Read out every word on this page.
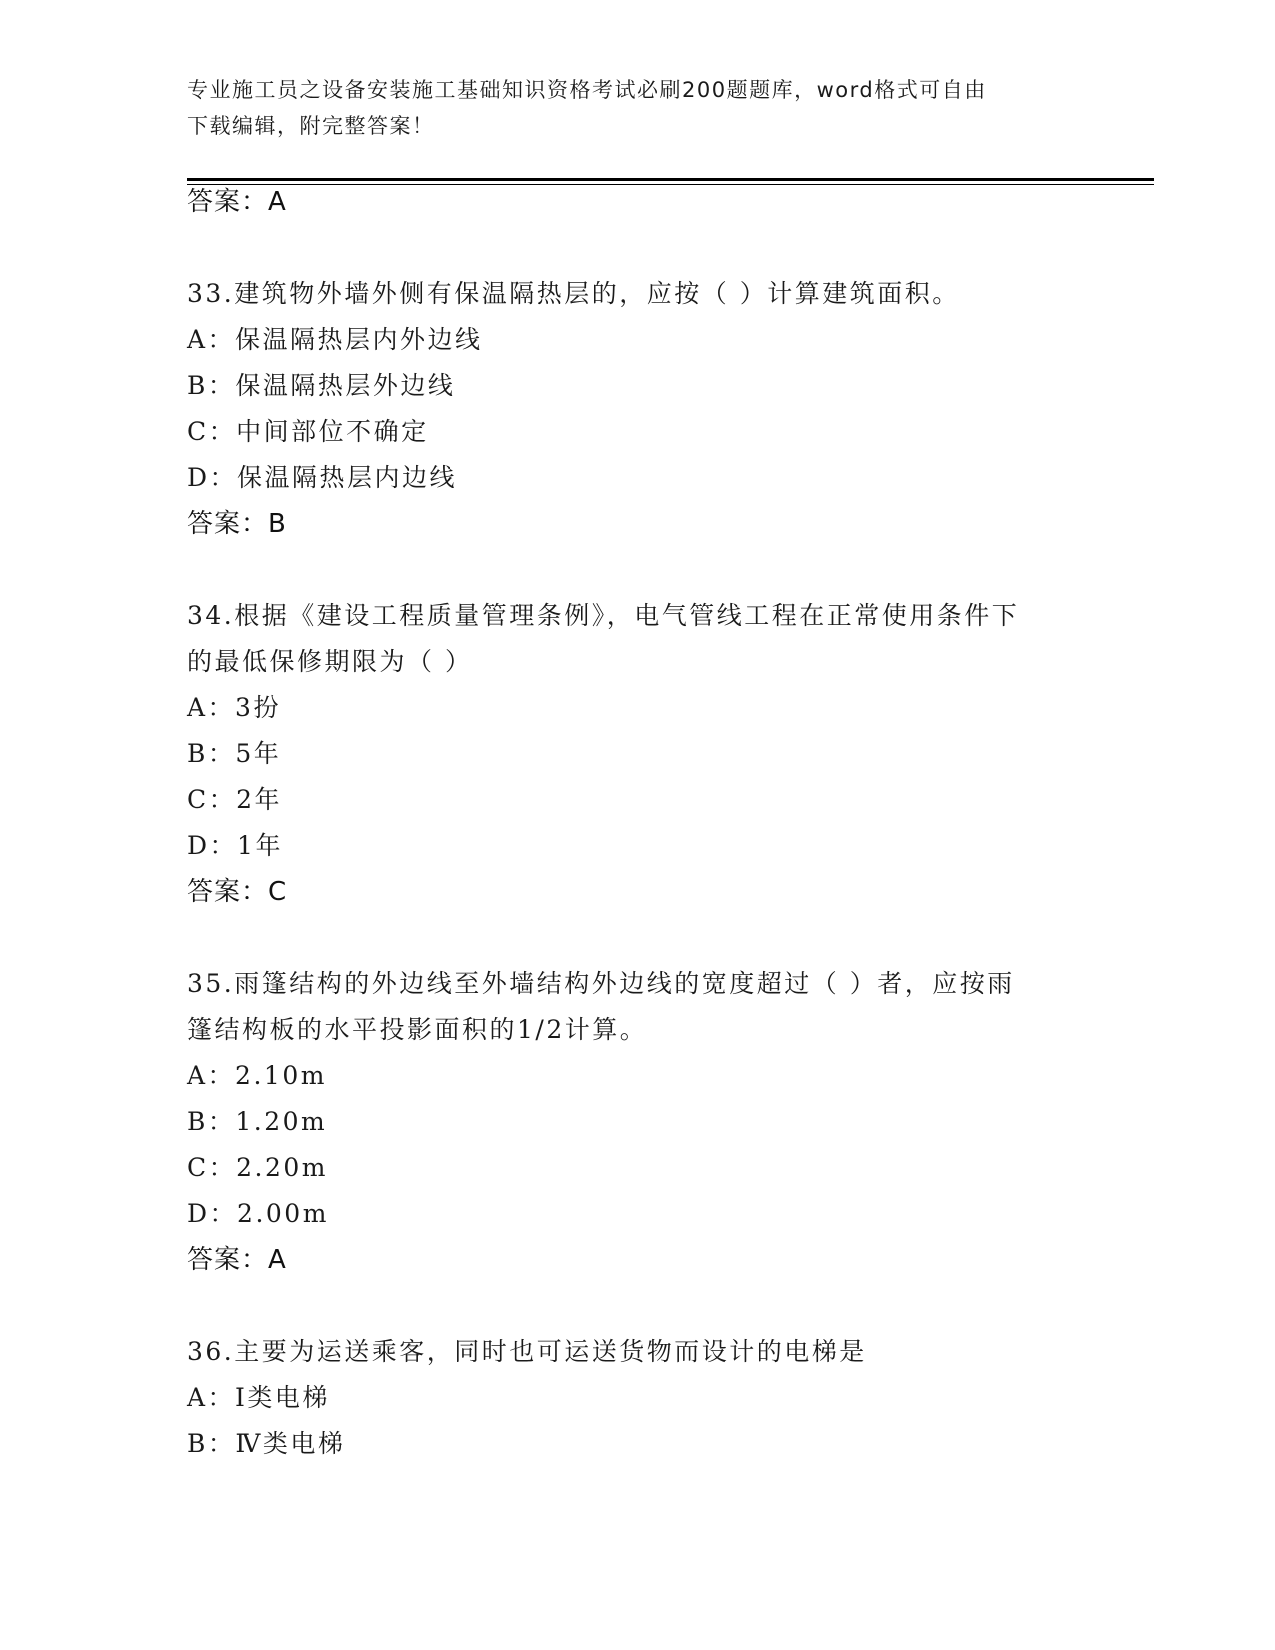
专业施工员之设备安装施工基础知识资格考试必刷200题题库，word格式可自由
下载编辑，附完整答案！
答案：A
33.建筑物外墙外侧有保温隔热层的，应按（ ）计算建筑面积。
A：保温隔热层内外边线
B：保温隔热层外边线
C：中间部位不确定
D：保温隔热层内边线
答案：B
34.根据《建设工程质量管理条例》，电气管线工程在正常使用条件下
的最低保修期限为（ ）
A：3扮
B：5年
C：2年
D：1年
答案：C
35.雨篷结构的外边线至外墙结构外边线的宽度超过（ ）者，应按雨
篷结构板的水平投影面积的1/2计算。
A：2.10m
B：1.20m
C：2.20m
D：2.00m
答案：A
36.主要为运送乘客，同时也可运送货物而设计的电梯是
A：Ⅰ类电梯
B：Ⅳ类电梯
